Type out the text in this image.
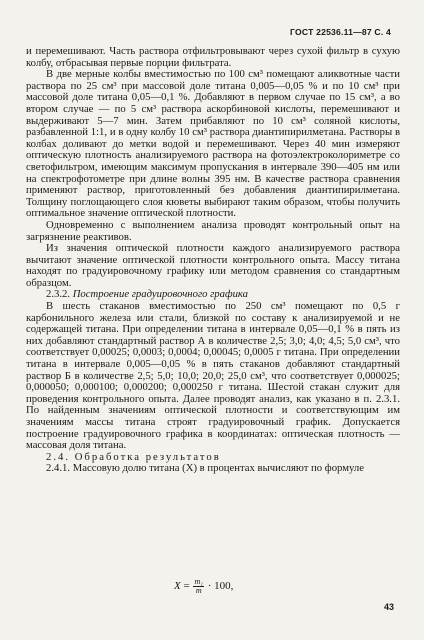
ГОСТ 22536.11—87 С. 4

и перемешивают. Часть раствора отфильтровывают через сухой фильтр в сухую колбу, отбрасывая первые порции фильтрата.

В две мерные колбы вместимостью по 100 см³ помещают аликвотные части раствора по 25 см³ при массовой доле титана 0,005—0,05 % и по 10 см³ при массовой доле титана 0,05—0,1 %. Добавляют в первом случае по 15 см³, а во втором случае — по 5 см³ раствора аскорбиновой кислоты, перемешивают и выдерживают 5—7 мин. Затем прибавляют по 10 см³ соляной кислоты, разбавленной 1:1, и в одну колбу 10 см³ раствора диантипирилметана. Растворы в колбах доливают до метки водой и перемешивают. Через 40 мин измеряют оптическую плотность анализируемого раствора на фотоэлектроколориметре со светофильтром, имеющим максимум пропускания в интервале 390—405 нм или на спектрофотометре при длине волны 395 нм. В качестве раствора сравнения применяют раствор, приготовленный без добавления диантипирилметана. Толщину поглощающего слоя кюветы выбирают таким образом, чтобы получить оптимальное значение оптической плотности.

Одновременно с выполнением анализа проводят контрольный опыт на загрязнение реактивов.

Из значения оптической плотности каждого анализируемого раствора вычитают значение оптической плотности контрольного опыта. Массу титана находят по градуировочному графику или методом сравнения со стандартным образцом.

2.3.2. Построение градуировочного графика

В шесть стаканов вместимостью по 250 см³ помещают по 0,5 г карбонильного железа или стали, близкой по составу к анализируемой и не содержащей титана. При определении титана в интервале 0,05—0,1 % в пять из них добавляют стандартный раствор А в количестве 2,5; 3,0; 4,0; 4,5; 5,0 см³, что соответствует 0,00025; 0,0003; 0,0004; 0,00045; 0,0005 г титана. При определении титана в интервале 0,005—0,05 % в пять стаканов добавляют стандартный раствор Б в количестве 2,5; 5,0; 10,0; 20,0; 25,0 см³, что соответствует 0,000025; 0,000050; 0,000100; 0,000200; 0,000250 г титана. Шестой стакан служит для проведения контрольного опыта. Далее проводят анализ, как указано в п. 2.3.1. По найденным значениям оптической плотности и соответствующим им значениям массы титана строят градуировочный график. Допускается построение градуировочного графика в координатах: оптическая плотность — массовая доля титана.

2.4. Обработка результатов

2.4.1. Массовую долю титана (X) в процентах вычисляют по формуле

$X = \frac{\text{m₁}}{m} \cdot 100$,
43
